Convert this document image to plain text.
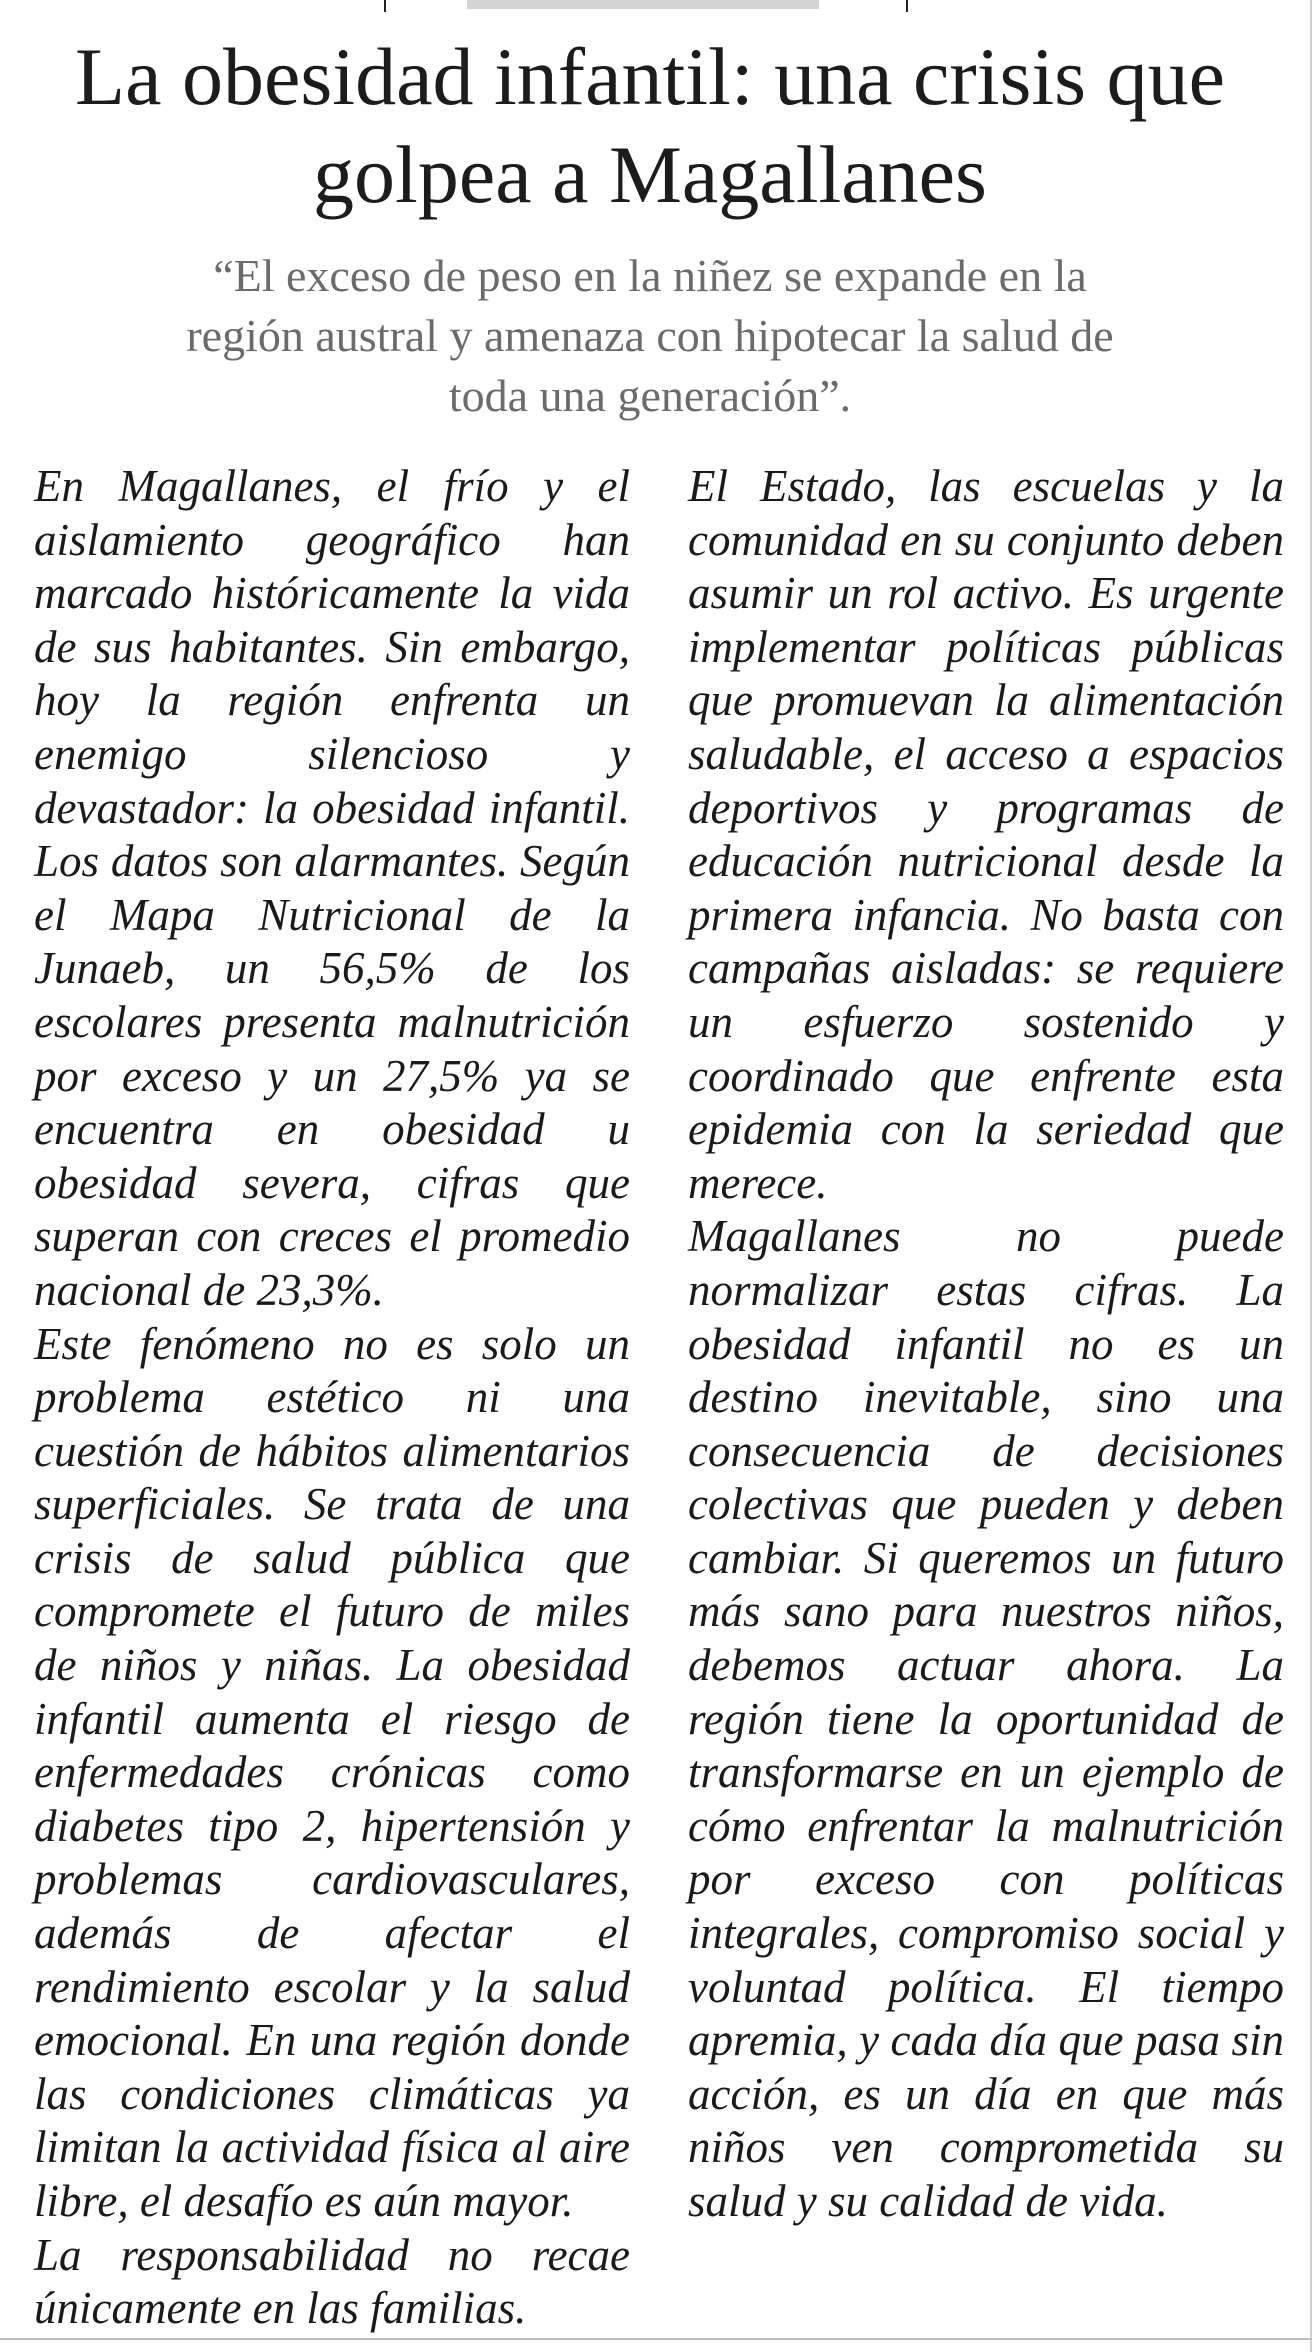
La obesidad infantil: una crisis que golpea a Magallanes

“El exceso de peso en la niñez se expande en la región austral y amenaza con hipotecar la salud de toda una generación”.

En Magallanes, el frío y el aislamiento geográfico han marcado históricamente la vida de sus habitantes. Sin embargo, hoy la región enfrenta un enemigo silencioso y devastador: la obesidad infantil. Los datos son alarmantes. Según el Mapa Nutricional de la Junaeb, un 56,5% de los escolares presenta malnutrición por exceso y un 27,5% ya se encuentra en obesidad u obesidad severa, cifras que superan con creces el promedio nacional de 23,3%.

Este fenómeno no es solo un problema estético ni una cuestión de hábitos alimentarios superficiales. Se trata de una crisis de salud pública que compromete el futuro de miles de niños y niñas. La obesidad infantil aumenta el riesgo de enfermedades crónicas como diabetes tipo 2, hipertensión y problemas cardiovasculares, además de afectar el rendimiento escolar y la salud emocional. En una región donde las condiciones climáticas ya limitan la actividad física al aire libre, el desafío es aún mayor.

La responsabilidad no recae únicamente en las familias.

El Estado, las escuelas y la comunidad en su conjunto deben asumir un rol activo. Es urgente implementar políticas públicas que promuevan la alimentación saludable, el acceso a espacios deportivos y programas de educación nutricional desde la primera infancia. No basta con campañas aisladas: se requiere un esfuerzo sostenido y coordinado que enfrente esta epidemia con la seriedad que merece.

Magallanes no puede normalizar estas cifras. La obesidad infantil no es un destino inevitable, sino una consecuencia de decisiones colectivas que pueden y deben cambiar. Si queremos un futuro más sano para nuestros niños, debemos actuar ahora. La región tiene la oportunidad de transformarse en un ejemplo de cómo enfrentar la malnutrición por exceso con políticas integrales, compromiso social y voluntad política. El tiempo apremia, y cada día que pasa sin acción, es un día en que más niños ven comprometida su salud y su calidad de vida.
